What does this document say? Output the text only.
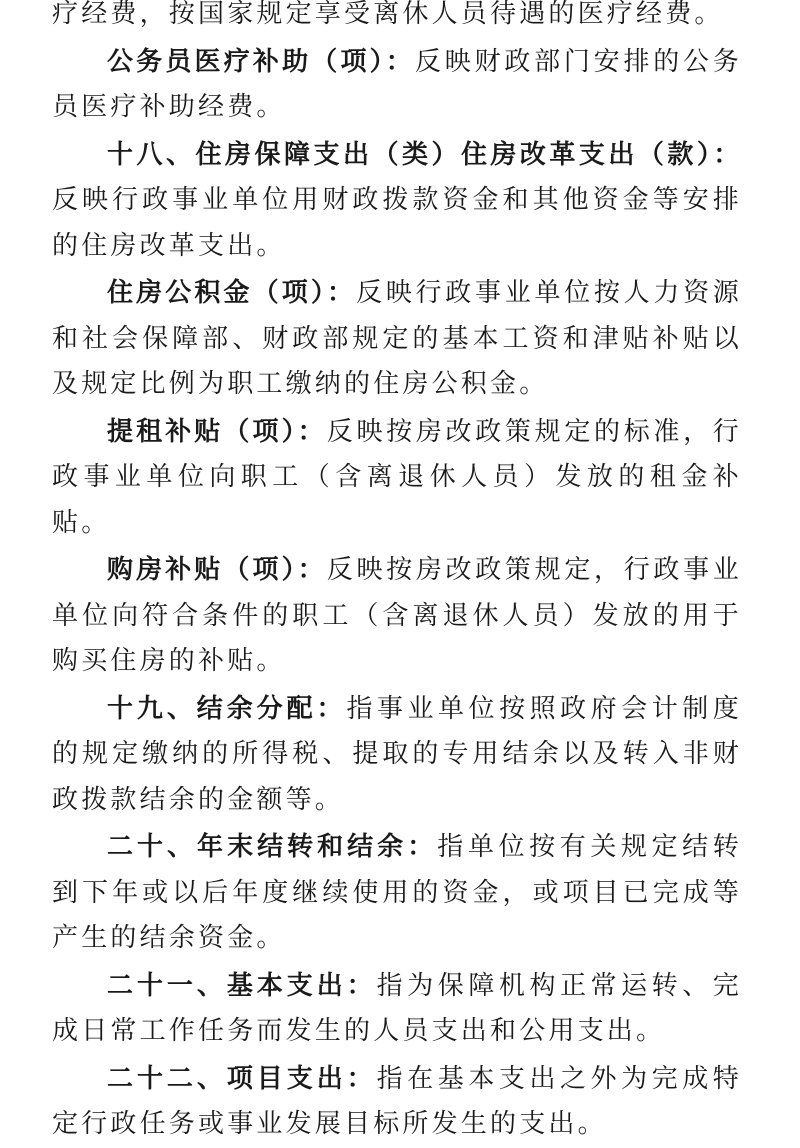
疗经费，按国家规定享受离休人员待遇的医疗经费。

公务员医疗补助（项）：反映财政部门安排的公务员医疗补助经费。

十八、住房保障支出（类）住房改革支出（款）：反映行政事业单位用财政拨款资金和其他资金等安排的住房改革支出。

住房公积金（项）：反映行政事业单位按人力资源和社会保障部、财政部规定的基本工资和津贴补贴以及规定比例为职工缴纳的住房公积金。

提租补贴（项）：反映按房改政策规定的标准，行政事业单位向职工（含离退休人员）发放的租金补贴。

购房补贴（项）：反映按房改政策规定，行政事业单位向符合条件的职工（含离退休人员）发放的用于购买住房的补贴。

十九、结余分配：指事业单位按照政府会计制度的规定缴纳的所得税、提取的专用结余以及转入非财政拨款结余的金额等。

二十、年末结转和结余：指单位按有关规定结转到下年或以后年度继续使用的资金，或项目已完成等产生的结余资金。

二十一、基本支出：指为保障机构正常运转、完成日常工作任务而发生的人员支出和公用支出。

二十二、项目支出：指在基本支出之外为完成特定行政任务或事业发展目标所发生的支出。
